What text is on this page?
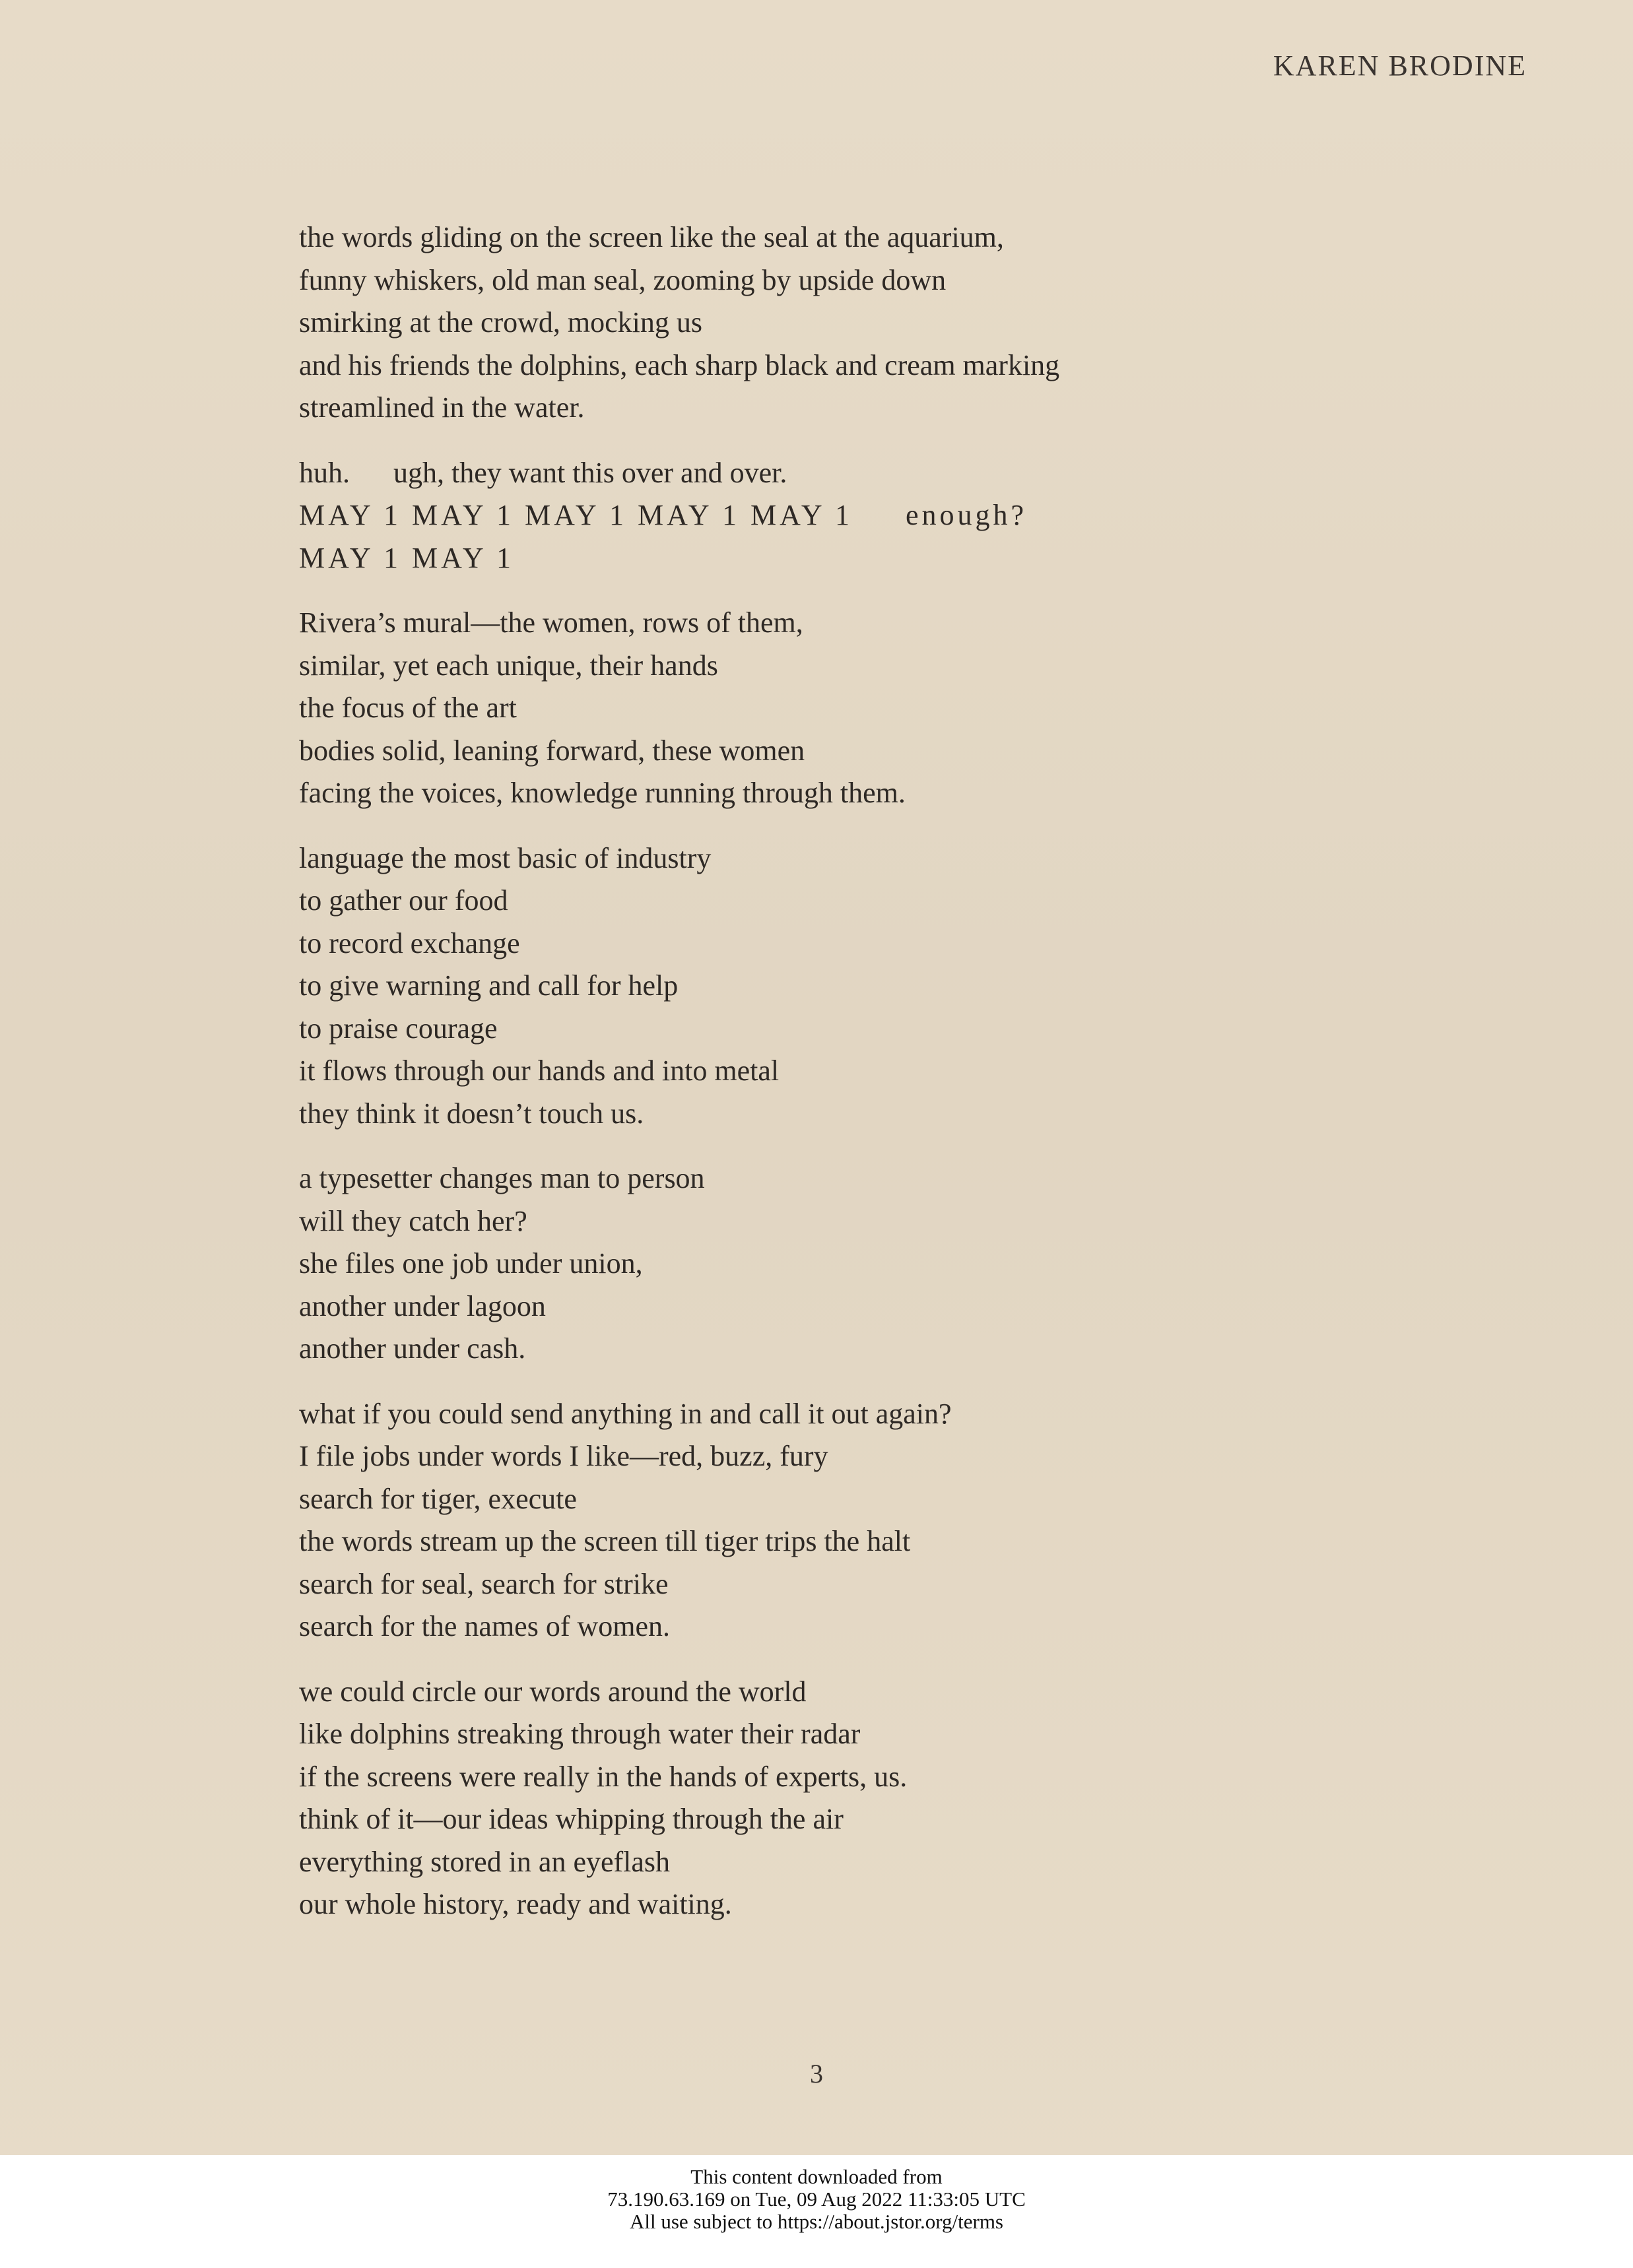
KAREN BRODINE
the words gliding on the screen like the seal at the aquarium,
funny whiskers, old man seal, zooming by upside down
smirking at the crowd, mocking us
and his friends the dolphins, each sharp black and cream marking
streamlined in the water.
huh.      ugh, they want this over and over.
MAY 1 MAY 1 MAY 1 MAY 1 MAY 1     enough?
MAY 1 MAY 1
Rivera’s mural—the women, rows of them,
similar, yet each unique, their hands
the focus of the art
bodies solid, leaning forward, these women
facing the voices, knowledge running through them.
language the most basic of industry
to gather our food
to record exchange
to give warning and call for help
to praise courage
it flows through our hands and into metal
they think it doesn’t touch us.
a typesetter changes man to person
will they catch her?
she files one job under union,
another under lagoon
another under cash.
what if you could send anything in and call it out again?
I file jobs under words I like—red, buzz, fury
search for tiger, execute
the words stream up the screen till tiger trips the halt
search for seal, search for strike
search for the names of women.
we could circle our words around the world
like dolphins streaking through water their radar
if the screens were really in the hands of experts, us.
think of it—our ideas whipping through the air
everything stored in an eyeflash
our whole history, ready and waiting.
3
This content downloaded from
73.190.63.169 on Tue, 09 Aug 2022 11:33:05 UTC
All use subject to https://about.jstor.org/terms
